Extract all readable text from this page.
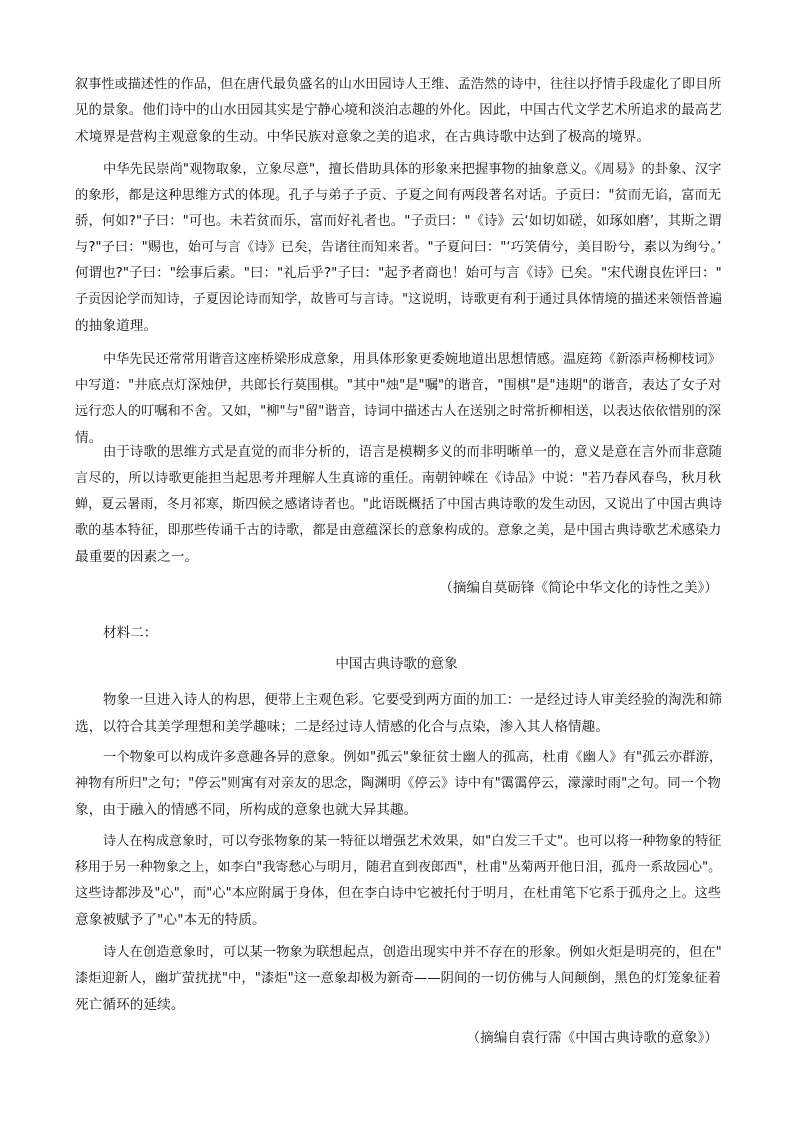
叙事性或描述性的作品，但在唐代最负盛名的山水田园诗人王维、孟浩然的诗中，往往以抒情手段虚化了即目所
见的景象。他们诗中的山水田园其实是宁静心境和淡泊志趣的外化。因此，中国古代文学艺术所追求的最高艺
术境界是营构主观意象的生动。中华民族对意象之美的追求，在古典诗歌中达到了极高的境界。
中华先民崇尚"观物取象，立象尽意"，擅长借助具体的形象来把握事物的抽象意义。《周易》的卦象、汉字
的象形，都是这种思维方式的体现。孔子与弟子子贡、子夏之间有两段著名对话。子贡曰："贫而无谄，富而无
骄，何如?"子曰："可也。未若贫而乐，富而好礼者也。"子贡曰："《诗》云‘如切如磋，如琢如磨’，其斯之谓
与?"子曰："赐也，始可与言《诗》已矣，告诸往而知来者。"子夏问曰："‘巧笑倩兮，美目盼兮，素以为绚兮。’
何谓也?"子曰："绘事后素。"曰："礼后乎?"子曰："起予者商也！始可与言《诗》已矣。"宋代谢良佐评曰："
子贡因论学而知诗，子夏因论诗而知学，故皆可与言诗。"这说明，诗歌更有利于通过具体情境的描述来领悟普遍
的抽象道理。
中华先民还常常用谐音这座桥梁形成意象，用具体形象更委婉地道出思想情感。温庭筠《新添声杨柳枝词》
中写道："井底点灯深烛伊，共郎长行莫围棋。"其中"烛"是"嘱"的谐音，"围棋"是"违期"的谐音，表达了女子对
远行恋人的叮嘱和不舍。又如，"柳"与"留"谐音，诗词中描述古人在送别之时常折柳相送，以表达依依惜别的深
情。
由于诗歌的思维方式是直觉的而非分析的，语言是模糊多义的而非明晰单一的，意义是意在言外而非意随
言尽的，所以诗歌更能担当起思考并理解人生真谛的重任。南朝钟嵘在《诗品》中说："若乃春风春鸟，秋月秋
蝉，夏云暑雨，冬月祁寒，斯四候之感诸诗者也。"此语既概括了中国古典诗歌的发生动因，又说出了中国古典诗
歌的基本特征，即那些传诵千古的诗歌，都是由意蕴深长的意象构成的。意象之美，是中国古典诗歌艺术感染力
最重要的因素之一。

（摘编自莫砺锋《简论中华文化的诗性之美》）

材料二：

中国古典诗歌的意象

物象一旦进入诗人的构思，便带上主观色彩。它要受到两方面的加工：一是经过诗人审美经验的淘洗和筛
选，以符合其美学理想和美学趣味；二是经过诗人情感的化合与点染，渗入其人格情趣。
一个物象可以构成许多意趣各异的意象。例如"孤云"象征贫士幽人的孤高，杜甫《幽人》有"孤云亦群游，
神物有所归"之句；"停云"则寓有对亲友的思念，陶渊明《停云》诗中有"霭霭停云，濛濛时雨"之句。同一个物
象，由于融入的情感不同，所构成的意象也就大异其趣。
诗人在构成意象时，可以夸张物象的某一特征以增强艺术效果，如"白发三千丈"。也可以将一种物象的特征
移用于另一种物象之上，如李白"我寄愁心与明月，随君直到夜郎西"，杜甫"丛菊两开他日泪，孤舟一系故园心"。
这些诗都涉及"心"，而"心"本应附属于身体，但在李白诗中它被托付于明月，在杜甫笔下它系于孤舟之上。这些
意象被赋予了"心"本无的特质。
诗人在创造意象时，可以某一物象为联想起点，创造出现实中并不存在的形象。例如火炬是明亮的，但在"
漆炬迎新人，幽圹萤扰扰"中，"漆炬"这一意象却极为新奇——阴间的一切仿佛与人间颠倒，黑色的灯笼象征着
死亡循环的延续。

（摘编自袁行霈《中国古典诗歌的意象》）
